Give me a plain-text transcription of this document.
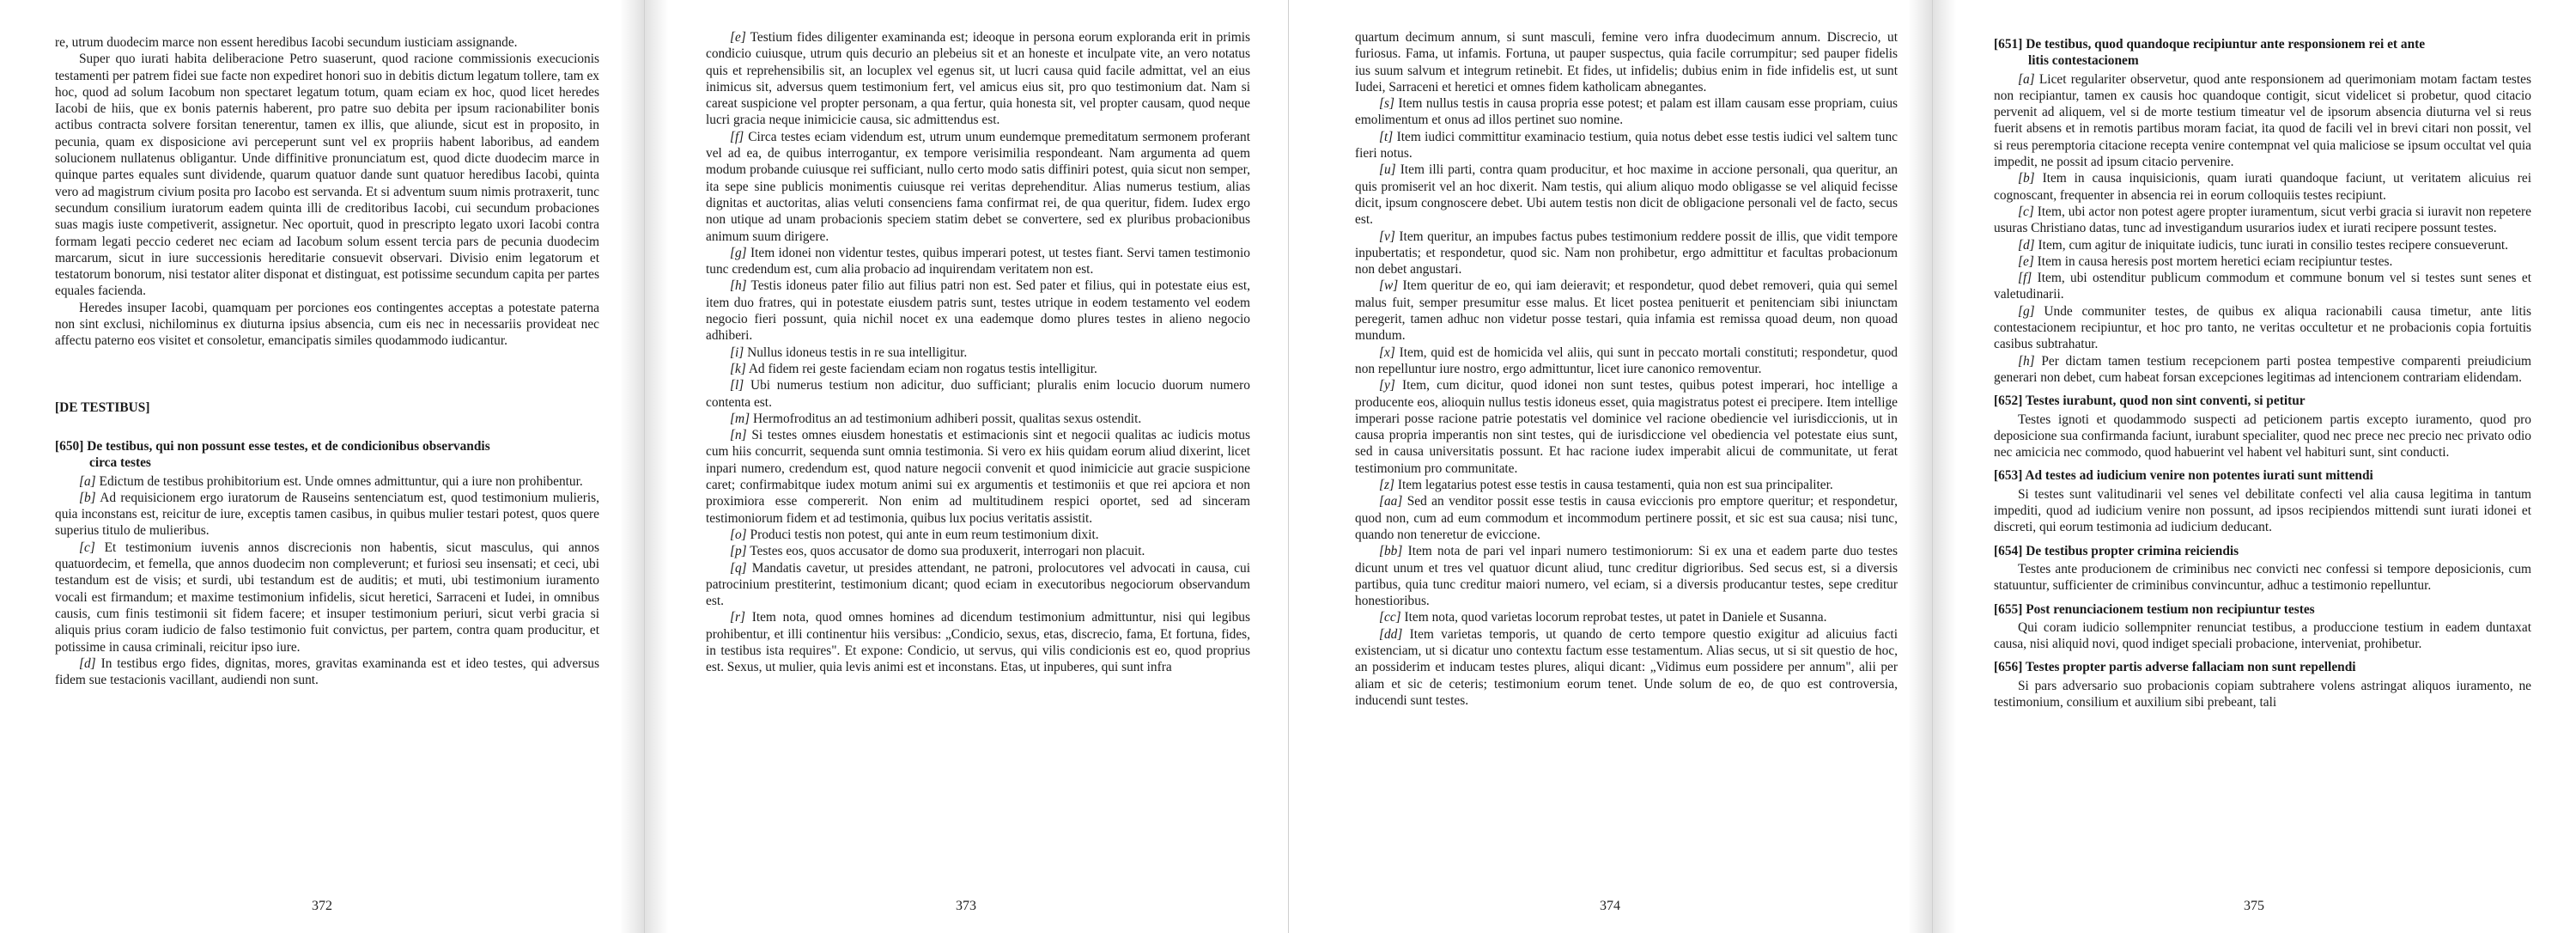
re, utrum duodecim marce non essent heredibus Iacobi secundum iusticiam assignande.

Super quo iurati habita deliberacione Petro suaserunt, quod racione commissionis execucionis testamenti per patrem fidei sue facte non expediret honori suo in debitis dictum legatum tollere, tam ex hoc, quod ad solum Iacobum non spectaret legatum totum, quam eciam ex hoc, quod licet heredes Iacobi de hiis, que ex bonis paternis haberent, pro patre suo debita per ipsum racionabiliter bonis actibus contracta solvere forsitan tenerentur, tamen ex illis, que aliunde, sicut est in proposito, in pecunia, quam ex disposicione avi perceperunt sunt vel ex propriis habent laboribus, ad eandem solucionem nullatenus obligantur. Unde diffinitive pronunciatum est, quod dicte duodecim marce in quinque partes equales sunt dividende, quarum quatuor dande sunt quatuor heredibus Iacobi, quinta vero ad magistrum civium posita pro Iacobo est servanda. Et si adventum suum nimis protraxerit, tunc secundum consilium iuratorum eadem quinta illi de creditoribus Iacobi, cui secundum probaciones suas magis iuste competiverit, assignetur. Nec oportuit, quod in prescripto legato uxori Iacobi contra formam legati peccio cederet nec eciam ad Iacobum solum essent tercia pars de pecunia duodecim marcarum, sicut in iure successionis hereditarie consuevit observari. Divisio enim legatorum et testatorum bonorum, nisi testator aliter disponat et distinguat, est potissime secundum capita per partes equales facienda.

Heredes insuper Iacobi, quamquam per porciones eos contingentes acceptas a potestate paterna non sint exclusi, nichilominus ex diuturna ipsius absencia, cum eis nec in necessariis provideat nec affectu paterno eos visitet et consoletur, emancipatis similes quodammodo iudicantur.

[DE TESTIBUS]
[650] De testibus, qui non possunt esse testes, et de condicionibus observandis
circa testes

[a] Edictum de testibus prohibitorium est. Unde omnes admittuntur, qui a iure non prohibentur.

[b] Ad requisicionem ergo iuratorum de Rauseins sentenciatum est, quod testimonium mulieris, quia inconstans est, reicitur de iure, exceptis tamen casibus, in quibus mulier testari potest, quos quere superius titulo de mulieribus.

[c] Et testimonium iuvenis annos discrecionis non habentis, sicut masculus, qui annos quatuordecim, et femella, que annos duodecim non compleverunt; et furiosi seu insensati; et ceci, ubi testandum est de visis; et surdi, ubi testandum est de auditis; et muti, ubi testimonium iuramento vocali est firmandum; et maxime testimonium infidelis, sicut heretici, Sarraceni et Iudei, in omnibus causis, cum finis testimonii sit fidem facere; et insuper testimonium periuri, sicut verbi gracia si aliquis prius coram iudicio de falso testimonio fuit convictus, per partem, contra quam producitur, et potissime in causa criminali, reicitur ipso iure.

[d] In testibus ergo fides, dignitas, mores, gravitas examinanda est et ideo testes, qui adversus fidem sue testacionis vacillant, audiendi non sunt.

372

[e] Testium fides diligenter examinanda est; ideoque in persona eorum exploranda erit in primis condicio cuiusque, utrum quis decurio an plebeius sit et an honeste et inculpate vite, an vero notatus quis et reprehensibilis sit, an locuplex vel egenus sit, ut lucri causa quid facile admittat, vel an eius inimicus sit, adversus quem testimonium fert, vel amicus eius sit, pro quo testimonium dat. Nam si careat suspicione vel propter personam, a qua fertur, quia honesta sit, vel propter causam, quod neque lucri gracia neque inimicicie causa, sic admittendus est.

[f] Circa testes eciam videndum est, utrum unum eundemque premeditatum sermonem proferant vel ad ea, de quibus interrogantur, ex tempore verisimilia respondeant. Nam argumenta ad quem modum probande cuiusque rei sufficiant, nullo certo modo satis diffiniri potest, quia sicut non semper, ita sepe sine publicis monimentis cuiusque rei veritas deprehenditur. Alias numerus testium, alias dignitas et auctoritas, alias veluti consenciens fama confirmat rei, de qua queritur, fidem. Iudex ergo non utique ad unam probacionis speciem statim debet se convertere, sed ex pluribus probacionibus animum suum dirigere.

[g] Item idonei non videntur testes, quibus imperari potest, ut testes fiant. Servi tamen testimonio tunc credendum est, cum alia probacio ad inquirendam veritatem non est.

[h] Testis idoneus pater filio aut filius patri non est. Sed pater et filius, qui in potestate eius est, item duo fratres, qui in potestate eiusdem patris sunt, testes utrique in eodem testamento vel eodem negocio fieri possunt, quia nichil nocet ex una eademque domo plures testes in alieno negocio adhiberi.

[i] Nullus idoneus testis in re sua intelligitur.

[k] Ad fidem rei geste faciendam eciam non rogatus testis intelligitur.

[l] Ubi numerus testium non adicitur, duo sufficiant; pluralis enim locucio duorum numero contenta est.

[m] Hermofroditus an ad testimonium adhiberi possit, qualitas sexus ostendit.

[n] Si testes omnes eiusdem honestatis et estimacionis sint et negocii qualitas ac iudicis motus cum hiis concurrit, sequenda sunt omnia testimonia. Si vero ex hiis quidam eorum aliud dixerint, licet inpari numero, credendum est, quod nature negocii convenit et quod inimicicie aut gracie suspicione caret; confirmabitque iudex motum animi sui ex argumentis et testimoniis et que rei apciora et non proximiora esse compererit. Non enim ad multitudinem respici oportet, sed ad sinceram testimoniorum fidem et ad testimonia, quibus lux pocius veritatis assistit.

[o] Produci testis non potest, qui ante in eum reum testimonium dixit.

[p] Testes eos, quos accusator de domo sua produxerit, interrogari non placuit.

[q] Mandatis cavetur, ut presides attendant, ne patroni, prolocutores vel advocati in causa, cui patrocinium prestiterint, testimonium dicant; quod eciam in executoribus negociorum observandum est.

[r] Item nota, quod omnes homines ad dicendum testimonium admittuntur, nisi qui legibus prohibentur, et illi continentur hiis versibus: „Condicio, sexus, etas, discrecio, fama, Et fortuna, fides, in testibus ista requires". Et expone: Condicio, ut servus, qui vilis condicionis est eo, quod proprius est. Sexus, ut mulier, quia levis animi est et inconstans. Etas, ut inpuberes, qui sunt infra

373

quartum decimum annum, si sunt masculi, femine vero infra duodecimum annum. Discrecio, ut furiosus. Fama, ut infamis. Fortuna, ut pauper suspectus, quia facile corrumpitur; sed pauper fidelis ius suum salvum et integrum retinebit. Et fides, ut infidelis; dubius enim in fide infidelis est, ut sunt Iudei, Sarraceni et heretici et omnes fidem katholicam abnegantes.

[s] Item nullus testis in causa propria esse potest; et palam est illam causam esse propriam, cuius emolimentum et onus ad illos pertinet suo nomine.

[t] Item iudici committitur examinacio testium, quia notus debet esse testis iudici vel saltem tunc fieri notus.

[u] Item illi parti, contra quam producitur, et hoc maxime in accione personali, qua queritur, an quis promiserit vel an hoc dixerit. Nam testis, qui alium aliquo modo obligasse se vel aliquid fecisse dicit, ipsum congnoscere debet. Ubi autem testis non dicit de obligacione personali vel de facto, secus est.

[v] Item queritur, an impubes factus pubes testimonium reddere possit de illis, que vidit tempore inpubertatis; et respondetur, quod sic. Nam non prohibetur, ergo admittitur et facultas probacionum non debet angustari.

[w] Item queritur de eo, qui iam deieravit; et respondetur, quod debet removeri, quia qui semel malus fuit, semper presumitur esse malus. Et licet postea penituerit et penitenciam sibi iniunctam peregerit, tamen adhuc non videtur posse testari, quia infamia est remissa quoad deum, non quoad mundum.

[x] Item, quid est de homicida vel aliis, qui sunt in peccato mortali constituti; respondetur, quod non repelluntur iure nostro, ergo admittuntur, licet iure canonico removentur.

[y] Item, cum dicitur, quod idonei non sunt testes, quibus potest imperari, hoc intellige a producente eos, alioquin nullus testis idoneus esset, quia magistratus potest ei precipere. Item intellige imperari posse racione patrie potestatis vel dominice vel racione obediencie vel iurisdiccionis, ut in causa propria imperantis non sint testes, qui de iurisdiccione vel obediencia vel potestate eius sunt, sed in causa universitatis possunt. Et hac racione iudex imperabit alicui de communitate, ut ferat testimonium pro communitate.

[z] Item legatarius potest esse testis in causa testamenti, quia non est sua principaliter.

[aa] Sed an venditor possit esse testis in causa eviccionis pro emptore queritur; et respondetur, quod non, cum ad eum commodum et incommodum pertinere possit, et sic est sua causa; nisi tunc, quando non teneretur de eviccione.

[bb] Item nota de pari vel inpari numero testimoniorum: Si ex una et eadem parte duo testes dicunt unum et tres vel quatuor dicunt aliud, tunc creditur digrioribus. Sed secus est, si a diversis partibus, quia tunc creditur maiori numero, vel eciam, si a diversis producantur testes, sepe creditur honestioribus.

[cc] Item nota, quod varietas locorum reprobat testes, ut patet in Daniele et Susanna.

[dd] Item varietas temporis, ut quando de certo tempore questio exigitur ad alicuius facti existenciam, ut si dicatur uno contextu factum esse testamentum. Alias secus, ut si sit questio de hoc, an possiderim et inducam testes plures, aliqui dicant: „Vidimus eum possidere per annum", alii per aliam et sic de ceteris; testimonium eorum tenet. Unde solum de eo, de quo est controversia, inducendi sunt testes.

374
[651] De testibus, quod quandoque recipiuntur ante responsionem rei et ante
litis contestacionem

[a] Licet regulariter observetur, quod ante responsionem ad querimoniam motam factam testes non recipiantur, tamen ex causis hoc quandoque contigit, sicut videlicet si probetur, quod citacio pervenit ad aliquem, vel si de morte testium timeatur vel de ipsorum absencia diuturna vel si reus fuerit absens et in remotis partibus moram faciat, ita quod de facili vel in brevi citari non possit, vel si reus peremptoria citacione recepta venire contempnat vel quia maliciose se ipsum occultat vel quia impedit, ne possit ad ipsum citacio pervenire.

[b] Item in causa inquisicionis, quam iurati quandoque faciunt, ut veritatem alicuius rei cognoscant, frequenter in absencia rei in eorum colloquiis testes recipiunt.

[c] Item, ubi actor non potest agere propter iuramentum, sicut verbi gracia si iuravit non repetere usuras Christiano datas, tunc ad investigandum usurarios iudex et iurati recipere possunt testes.

[d] Item, cum agitur de iniquitate iudicis, tunc iurati in consilio testes recipere consueverunt.

[e] Item in causa heresis post mortem heretici eciam recipiuntur testes.

[f] Item, ubi ostenditur publicum commodum et commune bonum vel si testes sunt senes et valetudinarii.

[g] Unde communiter testes, de quibus ex aliqua racionabili causa timetur, ante litis contestacionem recipiuntur, et hoc pro tanto, ne veritas occultetur et ne probacionis copia fortuitis casibus subtrahatur.

[h] Per dictam tamen testium recepcionem parti postea tempestive comparenti preiudicium generari non debet, cum habeat forsan excepciones legitimas ad intencionem contrariam elidendam.

[652] Testes iurabunt, quod non sint conventi, si petitur

Testes ignoti et quodammodo suspecti ad peticionem partis excepto iuramento, quod pro deposicione sua confirmanda faciunt, iurabunt specialiter, quod nec prece nec precio nec privato odio nec amicicia nec commodo, quod habuerint vel habent vel habituri sunt, sint conducti.

[653] Ad testes ad iudicium venire non potentes iurati sunt mittendi

Si testes sunt valitudinarii vel senes vel debilitate confecti vel alia causa legitima in tantum impediti, quod ad iudicium venire non possunt, ad ipsos recipiendos mittendi sunt iurati idonei et discreti, qui eorum testimonia ad iudicium deducant.

[654] De testibus propter crimina reiciendis

Testes ante producionem de criminibus nec convicti nec confessi si tempore deposicionis, cum statuuntur, sufficienter de criminibus convincuntur, adhuc a testimonio repelluntur.

[655] Post renunciacionem testium non recipiuntur testes

Qui coram iudicio sollempniter renunciat testibus, a produccione testium in eadem duntaxat causa, nisi aliquid novi, quod indiget speciali probacione, interveniat, prohibetur.

[656] Testes propter partis adverse fallaciam non sunt repellendi

Si pars adversario suo probacionis copiam subtrahere volens astringat aliquos iuramento, ne testimonium, consilium et auxilium sibi prebeant, tali

375
